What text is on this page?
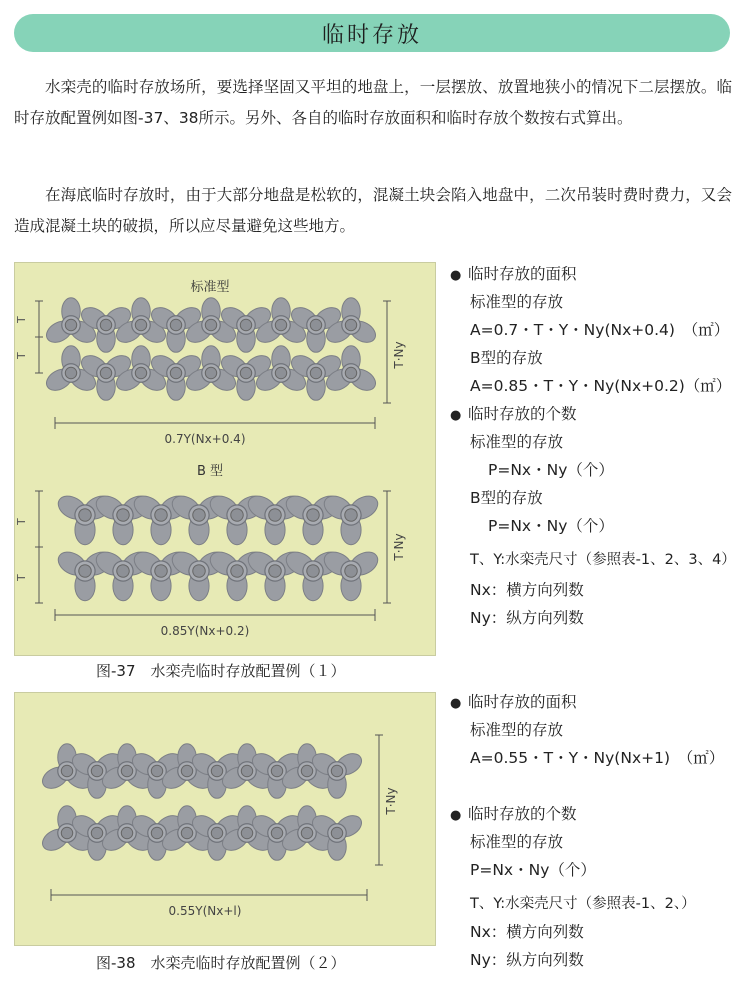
临时存放

水栾壳的临时存放场所，要选择坚固又平坦的地盘上，一层摆放、放置地狭小的情况下二层摆放。临时存放配置例如图-37、38所示。另外、各自的临时存放面积和临时存放个数按右式算出。

在海底临时存放时，由于大部分地盘是松软的，混凝土块会陷入地盘中，二次吊装时费时费力，又会造成混凝土块的破损，所以应尽量避免这些地方。

标准型
T
T	T·Ny
0.7Y(Nx+0.4)
B 型
T
T
T·Ny
0.85Y(Nx+0.2)
图-37　水栾壳临时存放配置例（１）
T·Ny
0.55Y(Nx+l)
图-38　水栾壳临时存放配置例（２）
● 临时存放的面积
标准型的存放
A=0.7・T・Y・Ny(Nx+0.4)　（㎡）
B型的存放
A=0.85・T・Y・Ny(Nx+0.2)（㎡）
● 临时存放的个数
标准型的存放
P=Nx・Ny（个）
B型的存放
P=Nx・Ny（个）
T、Y:水栾壳尺寸（参照表-1、2、3、4）
Nx：横方向列数
Ny：纵方向列数
● 临时存放的面积
标准型的存放
A=0.55・T・Y・Ny(Nx+1)　（㎡）
● 临时存放的个数
标准型的存放
P=Nx・Ny（个）
T、Y:水栾壳尺寸（参照表-1、2、）
Nx：横方向列数
Ny：纵方向列数
